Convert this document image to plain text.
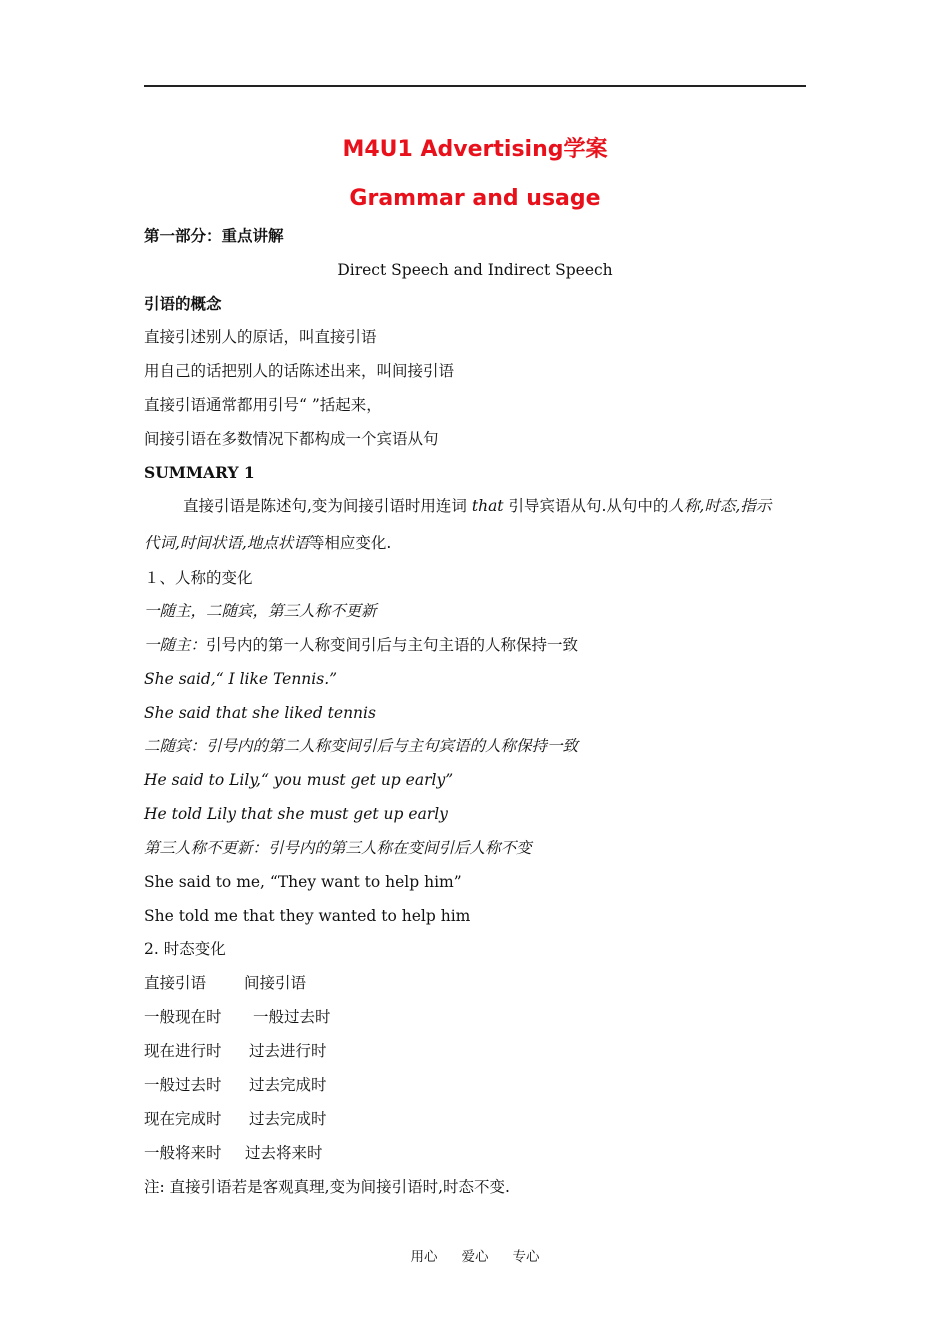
M4U1 Advertising学案
Grammar and usage

第一部分：重点讲解

Direct Speech and Indirect Speech

引语的概念

直接引述别人的原话，叫直接引语

用自己的话把别人的话陈述出来，叫间接引语

直接引语通常都用引号“ ”括起来，

间接引语在多数情况下都构成一个宾语从句

SUMMARY 1

直接引语是陈述句,变为间接引语时用连词 that 引导宾语从句.从句中的人称,时态,指示

代词,时间状语,地点状语等相应变化.

１、人称的变化

一随主，二随宾，第三人称不更新

一随主：引号内的第一人称变间引后与主句主语的人称保持一致

She said,“ I like Tennis.”

She said that she liked tennis

二随宾：引号内的第二人称变间引后与主句宾语的人称保持一致

He said to Lily,“ you must get up early”

He told Lily that she must get up early

第三人称不更新：引号内的第三人称在变间引后人称不变

She said to me, “They want to help him”

She told me that they wanted to help him

2. 时态变化

直接引语 间接引语

一般现在时 一般过去时

现在进行时 过去进行时

一般过去时 过去完成时

现在完成时 过去完成时

一般将来时 过去将来时

注: 直接引语若是客观真理,变为间接引语时,时态不变.

用心 爱心 专心
